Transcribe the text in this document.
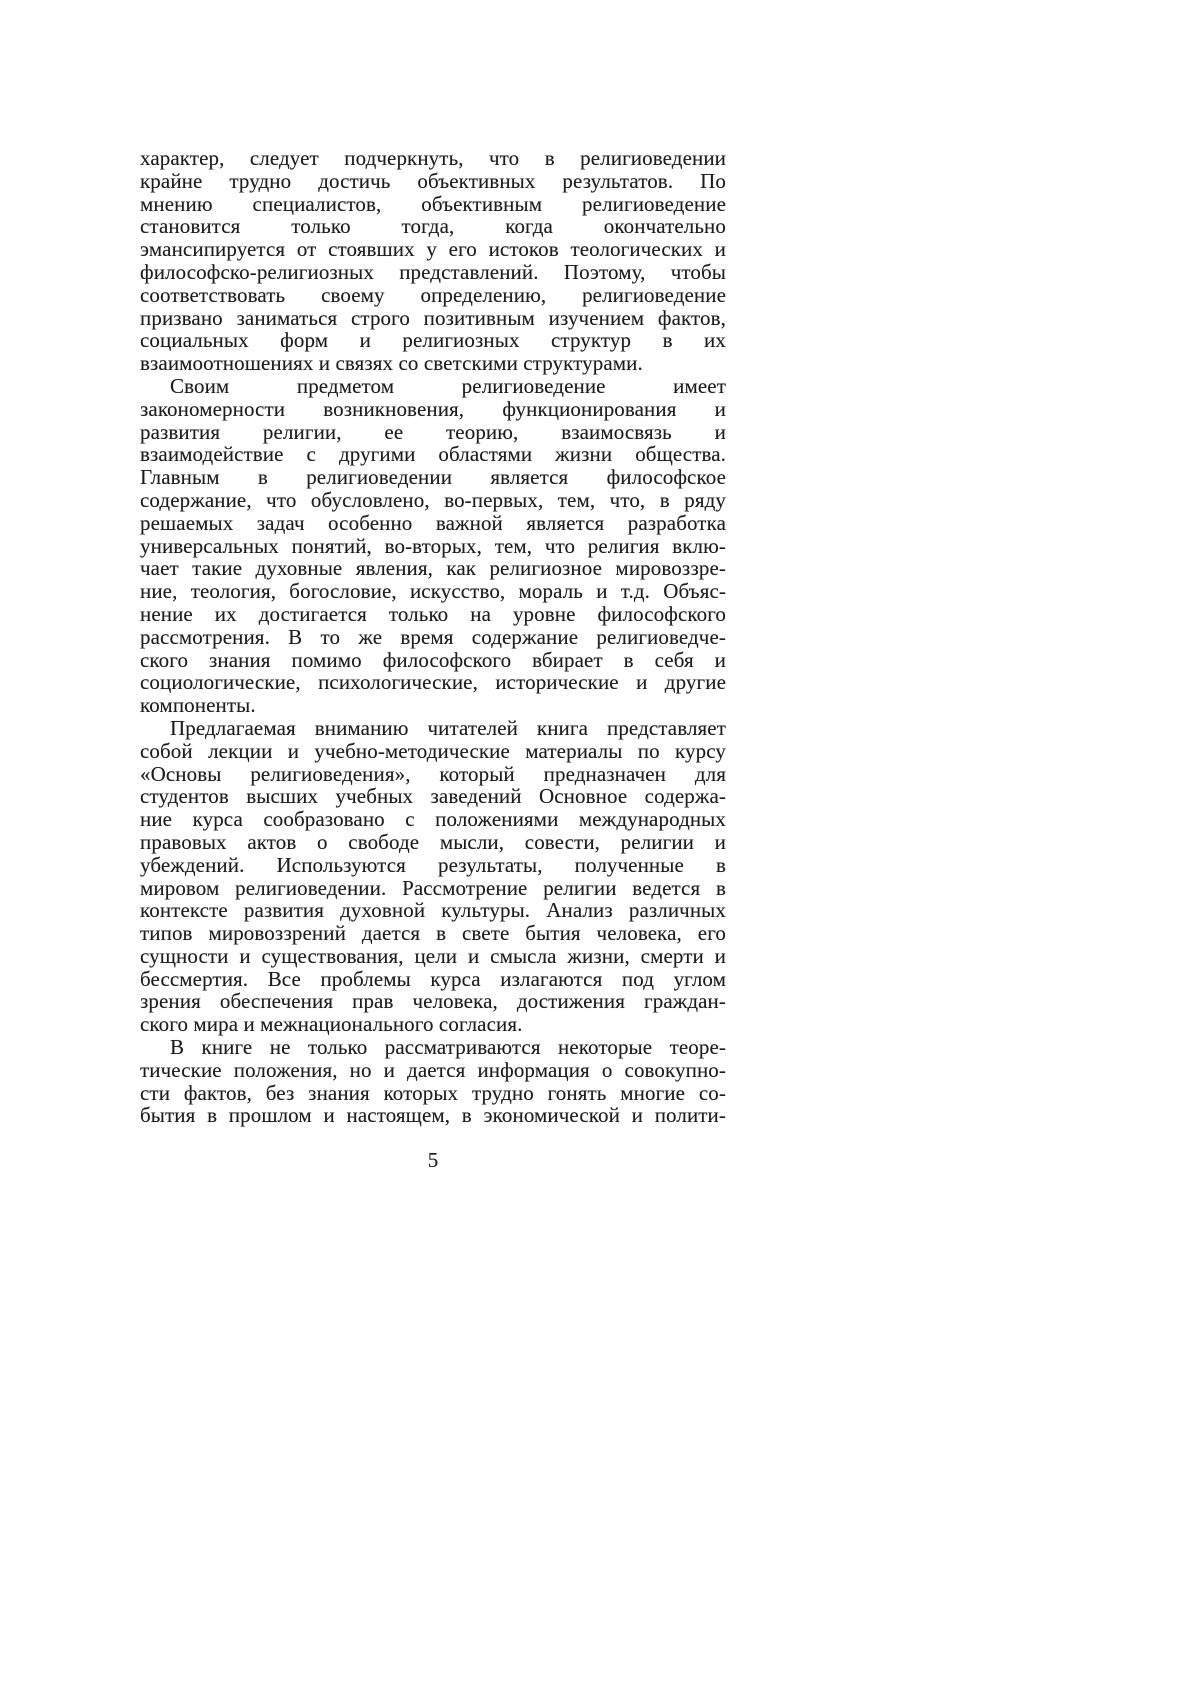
характер, следует подчеркнуть, что в религиоведении
крайне трудно достичь объективных результатов. По
мнению специалистов, объективным религиоведение
становится только тогда, когда окончательно
эмансипируется от стоявших у его истоков теологических и
философско-религиозных представлений. Поэтому, чтобы
соответствовать своему определению, религиоведение
призвано заниматься строго позитивным изучением фактов,
социальных форм и религиозных структур в их
взаимоотношениях и связях со светскими структурами.
Своим предметом религиоведение имеет
закономерности возникновения, функционирования и
развития религии, ее теорию, взаимосвязь и
взаимодействие с другими областями жизни общества.
Главным в религиоведении является философское
содержание, что обусловлено, во-первых, тем, что, в ряду
решаемых задач особенно важной является разработка
универсальных понятий, во-вторых, тем, что религия вклю-
чает такие духовные явления, как религиозное мировоззре-
ние, теология, богословие, искусство, мораль и т.д. Объяс-
нение их достигается только на уровне философского
рассмотрения. В то же время содержание религиоведче-
ского знания помимо философского вбирает в себя и
социологические, психологические, исторические и другие
компоненты.
Предлагаемая вниманию читателей книга представляет
собой лекции и учебно-методические материалы по курсу
«Основы религиоведения», который предназначен для
студентов высших учебных заведений Основное содержа-
ние курса сообразовано с положениями международных
правовых актов о свободе мысли, совести, религии и
убеждений. Используются результаты, полученные в
мировом религиоведении. Рассмотрение религии ведется в
контексте развития духовной культуры. Анализ различных
типов мировоззрений дается в свете бытия человека, его
сущности и существования, цели и смысла жизни, смерти и
бессмертия. Все проблемы курса излагаются под углом
зрения обеспечения прав человека, достижения граждан-
ского мира и межнационального согласия.
В книге не только рассматриваются некоторые теоре-
тические положения, но и дается информация о совокупно-
сти фактов, без знания которых трудно гонять многие со-
бытия в прошлом и настоящем, в экономической и полити-
5
